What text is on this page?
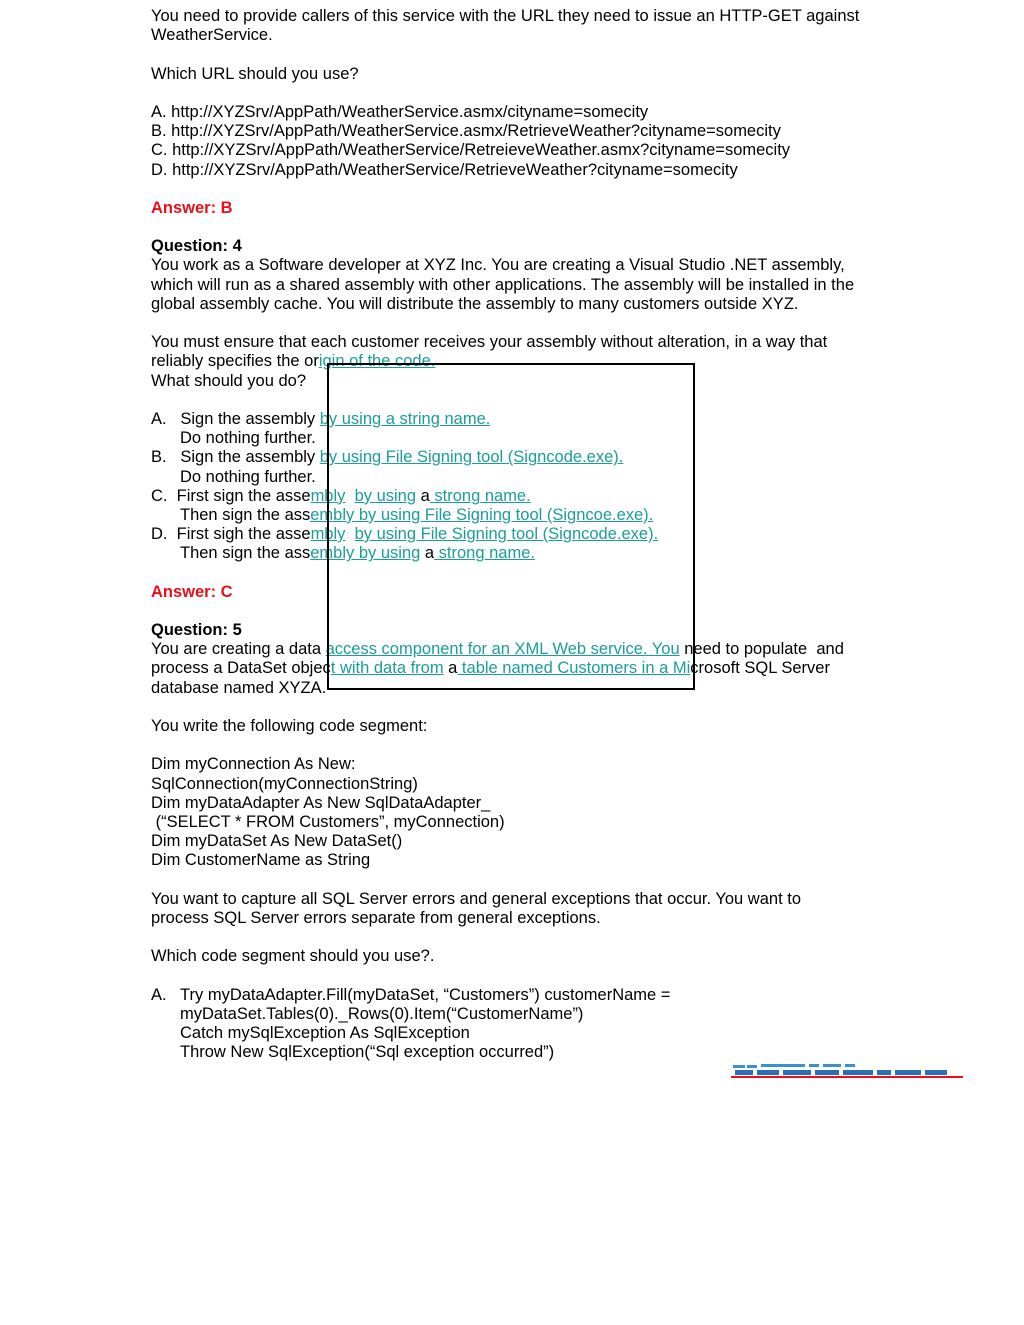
You need to provide callers of this service with the URL they need to issue an HTTP-GET against
WeatherService.
Which URL should you use?
A. http://XYZSrv/AppPath/WeatherService.asmx/cityname=somecity
B. http://XYZSrv/AppPath/WeatherService.asmx/RetrieveWeather?cityname=somecity
C. http://XYZSrv/AppPath/WeatherService/RetreieveWeather.asmx?cityname=somecity
D. http://XYZSrv/AppPath/WeatherService/RetrieveWeather?cityname=somecity
Answer: B
Question: 4
You work as a Software developer at XYZ Inc. You are creating a Visual Studio .NET assembly,
which will run as a shared assembly with other applications. The assembly will be installed in the
global assembly cache. You will distribute the assembly to many customers outside XYZ.
You must ensure that each customer receives your assembly without alteration, in a way that
reliably specifies the origin of the code.
What should you do?
A.   Sign the assembly by using a string name.
Do nothing further.
B.   Sign the assembly by using File Signing tool (Signcode.exe).
Do nothing further.
C.  First sign the assembly by using a strong name.
Then sign the assembly by using File Signing tool (Signcoe.exe).
D.  First sigh the assembly by using File Signing tool (Signcode.exe).
Then sign the assembly by using a strong name.
Answer: C
Question: 5
You are creating a data access component for an XML Web service. You need to populate  and
process a DataSet object with data from a table named Customers in a Microsoft SQL Server
database named XYZA.
You write the following code segment:
Dim myConnection As New:
SqlConnection(myConnectionString)
Dim myDataAdapter As New SqlDataAdapter_
(“SELECT * FROM Customers”, myConnection)
Dim myDataSet As New DataSet()
Dim CustomerName as String
You want to capture all SQL Server errors and general exceptions that occur. You want to
process SQL Server errors separate from general exceptions.
Which code segment should you use?.
A.   Try myDataAdapter.Fill(myDataSet, “Customers”) customerName =
myDataSet.Tables(0)._Rows(0).Item(“CustomerName”)
Catch mySqlException As SqlException
Throw New SqlException(“Sql exception occurred”)
